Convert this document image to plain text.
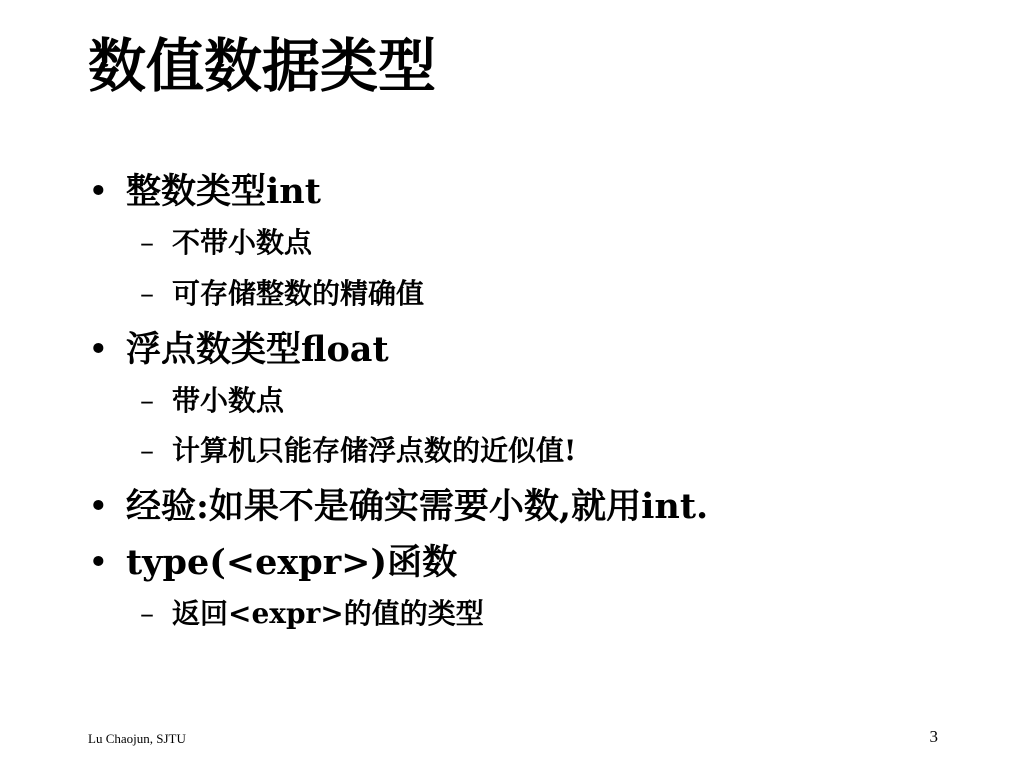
数值数据类型
• 整数类型int
– 不带小数点
– 可存储整数的精确值
• 浮点数类型float
– 带小数点
– 计算机只能存储浮点数的近似值!
• 经验:如果不是确实需要小数,就用int.
• type(<expr>)函数
– 返回<expr>的值的类型
Lu Chaojun, SJTU	3
